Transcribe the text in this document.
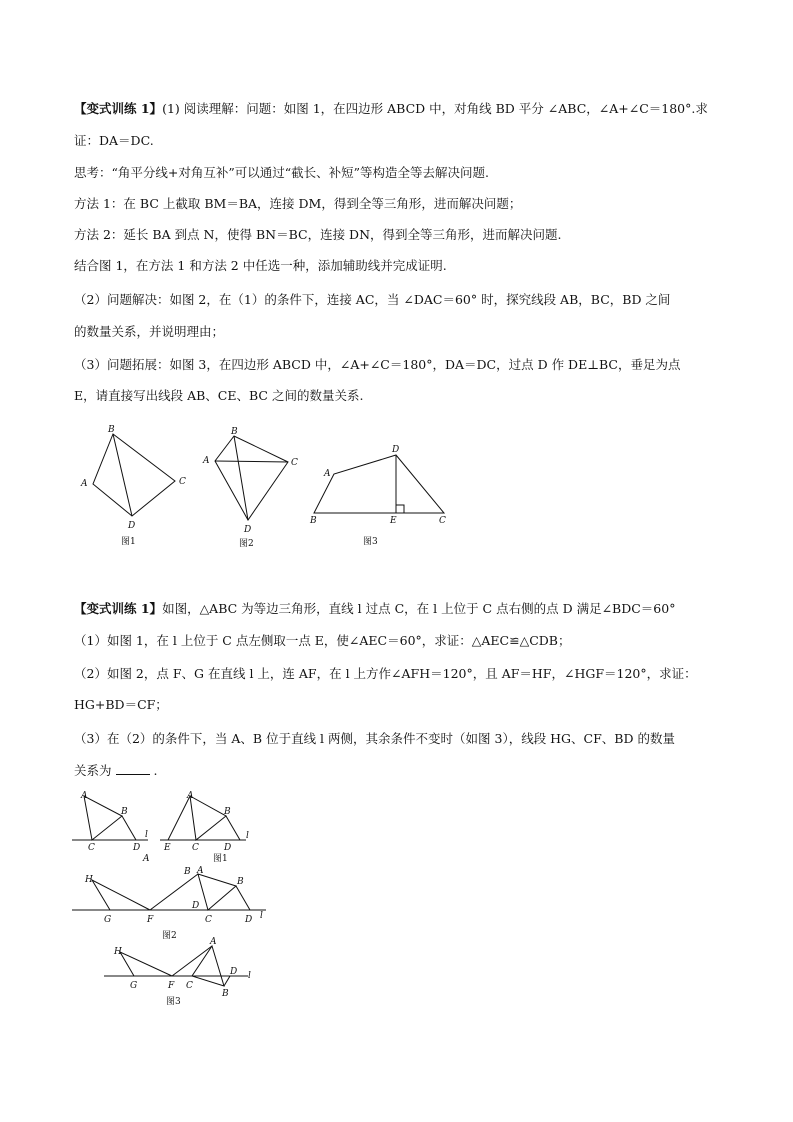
【变式训练 1】(1) 阅读理解：问题：如图 1，在四边形 ABCD 中，对角线 BD 平分 ∠ABC，∠A+∠C＝180°.求
证：DA＝DC.
思考：“角平分线+对角互补”可以通过“截长、补短”等构造全等去解决问题.
方法 1：在 BC 上截取 BM＝BA，连接 DM，得到全等三角形，进而解决问题；
方法 2：延长 BA 到点 N，使得 BN＝BC，连接 DN，得到全等三角形，进而解决问题.
结合图 1，在方法 1 和方法 2 中任选一种，添加辅助线并完成证明.
（2）问题解决：如图 2，在（1）的条件下，连接 AC，当 ∠DAC＝60° 时，探究线段 AB，BC，BD 之间
的数量关系，并说明理由；
（3）问题拓展：如图 3，在四边形 ABCD 中，∠A+∠C＝180°，DA＝DC，过点 D 作 DE⊥BC，垂足为点
E，请直接写出线段 AB、CE、BC 之间的数量关系.
B
A	C
D
图1
B
A	C
D
图2
D
A
B	E	C
图3
【变式训练 1】如图，△ABC 为等边三角形，直线 l 过点 C，在 l 上位于 C 点右侧的点 D 满足∠BDC＝60°
（1）如图 1，在 l 上位于 C 点左侧取一点 E，使∠AEC＝60°，求证：△AEC≌△CDB；
（2）如图 2，点 F、G 在直线 l 上，连 AF，在 l 上方作∠AFH＝120°，且 AF＝HF，∠HGF＝120°，求证：
HG+BD＝CF；
（3）在（2）的条件下，当 A、B 位于直线 l 两侧，其余条件不变时（如图 3），线段 HG、CF、BD 的数量
关系为	.
A
B
C	D
l
A
A
B
E C	D
l
图1
H
G	F
B A
D
C
B
D l
图2
H
G	F C
A
D
B
l
图3
